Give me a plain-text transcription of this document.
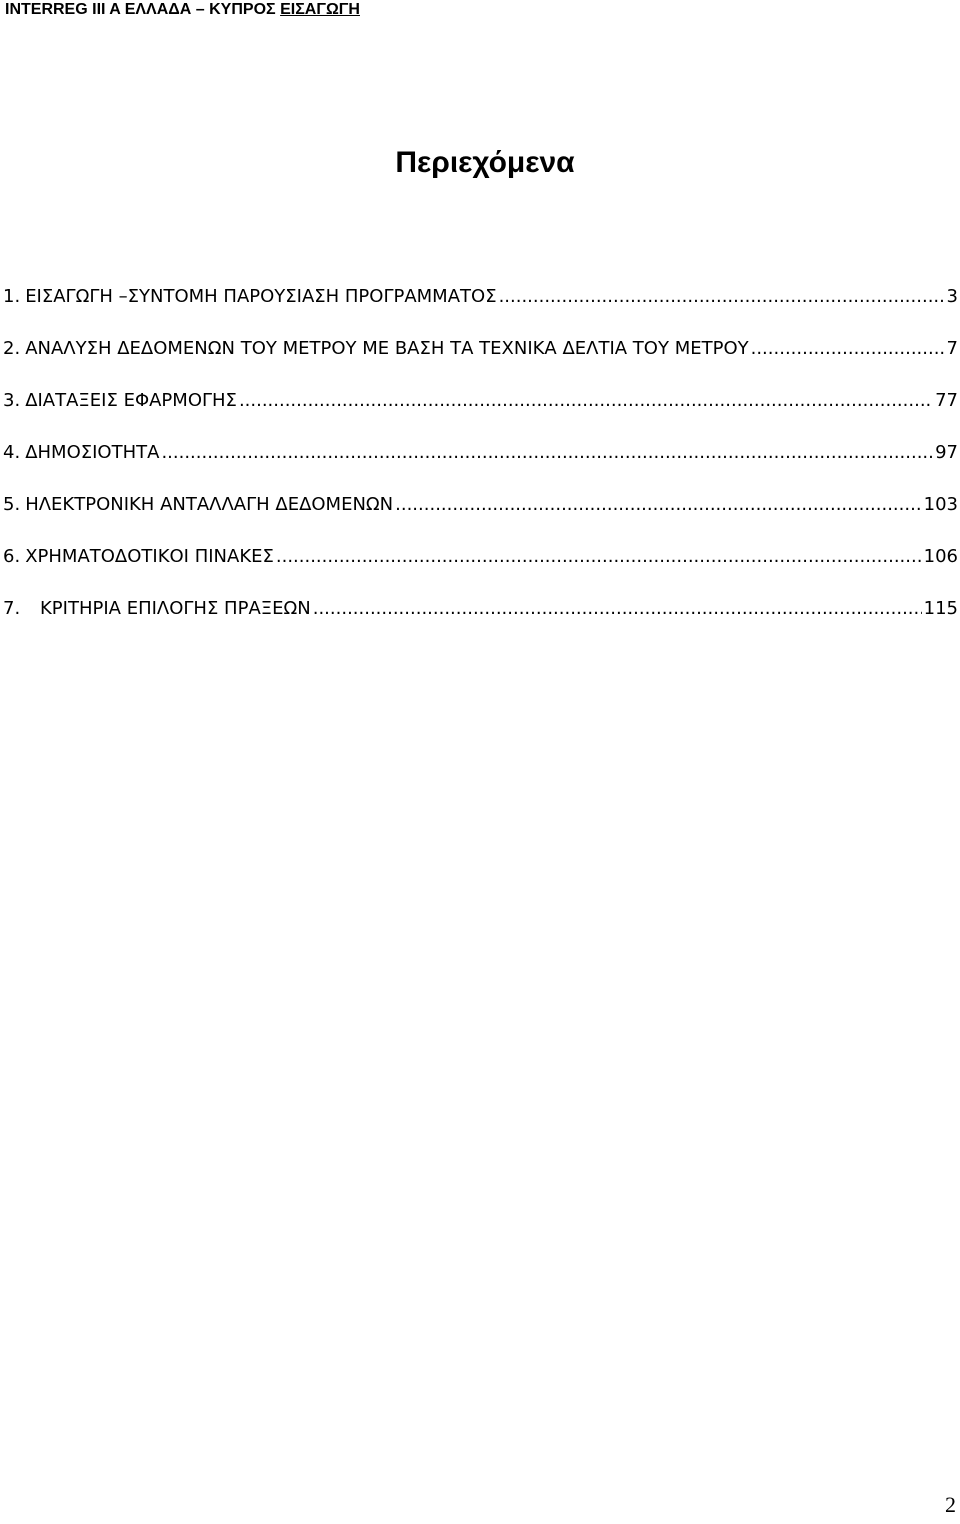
INTERREG III A ΕΛΛΑΔΑ – ΚΥΠΡΟΣ ΕΙΣΑΓΩΓΗ
Περιεχόμενα
1. ΕΙΣΑΓΩΓΗ –ΣΥΝΤΟΜΗ ΠΑΡΟΥΣΙΑΣΗ ΠΡΟΓΡΑΜΜΑΤΟΣ .....	3
2. ΑΝΑΛΥΣΗ ΔΕΔΟΜΕΝΩΝ ΤΟΥ ΜΕΤΡΟΥ ΜΕ ΒΑΣΗ ΤΑ ΤΕΧΝΙΚΑ ΔΕΛΤΙΑ ΤΟΥ ΜΕΤΡΟΥ .....	7
3. ΔΙΑΤΑΞΕΙΣ ΕΦΑΡΜΟΓΗΣ .....	77
4. ΔΗΜΟΣΙΟΤΗΤΑ .....	97
5. ΗΛΕΚΤΡΟΝΙΚΗ ΑΝΤΑΛΛΑΓΗ ΔΕΔΟΜΕΝΩΝ .....	103
6. ΧΡΗΜΑΤΟΔΟΤΙΚΟΙ ΠΙΝΑΚΕΣ .....	106
7.	ΚΡΙΤΗΡΙΑ ΕΠΙΛΟΓΗΣ ΠΡΑΞΕΩΝ .....	115
2
